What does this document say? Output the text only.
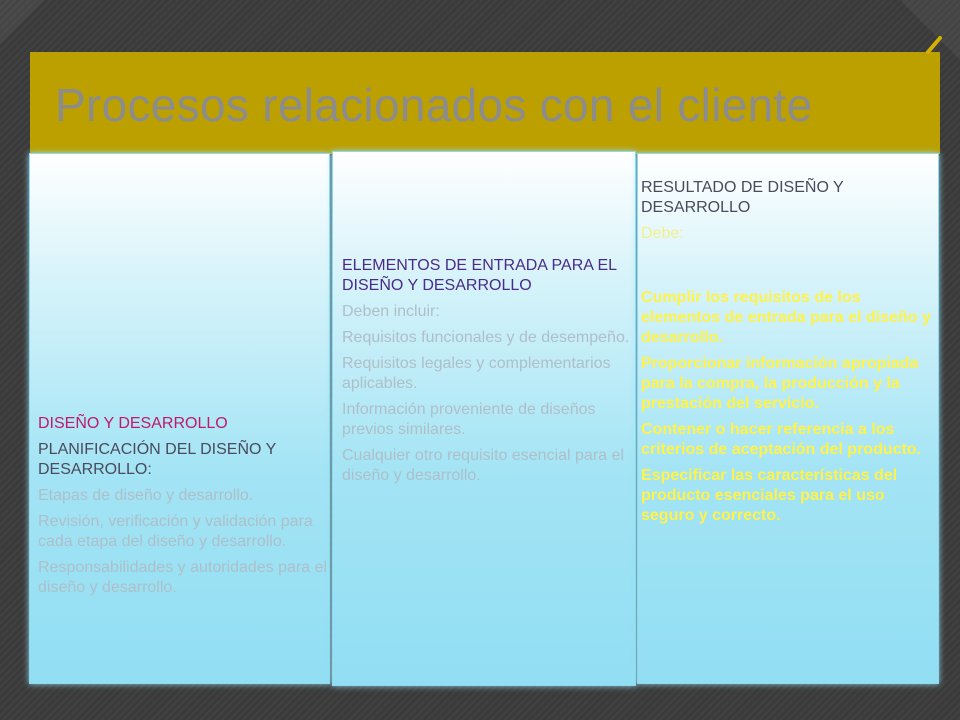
Procesos relacionados con el cliente

DISEÑO Y DESARROLLO

PLANIFICACIÓN DEL DISEÑO Y DESARROLLO:

Etapas de diseño y desarrollo.

Revisión, verificación y validación para cada etapa del diseño y desarrollo.

Responsabilidades y autoridades para el diseño y desarrollo.

ELEMENTOS DE ENTRADA PARA EL DISEÑO Y DESARROLLO

Deben incluir:

Requisitos funcionales y de desempeño.

Requisitos legales y complementarios aplicables.

Información proveniente de diseños previos similares.

Cualquier otro requisito esencial para el diseño y desarrollo.

RESULTADO DE DISEÑO Y DESARROLLO

Debe:

Cumplir los requisitos de los elementos de entrada para el diseño y desarrollo.

Proporcionar información apropiada para la compra, la producción y la prestación del servicio.

Contener o hacer referencia a los criterios de aceptación del producto.

Especificar las características del producto esenciales para el uso seguro y correcto.
